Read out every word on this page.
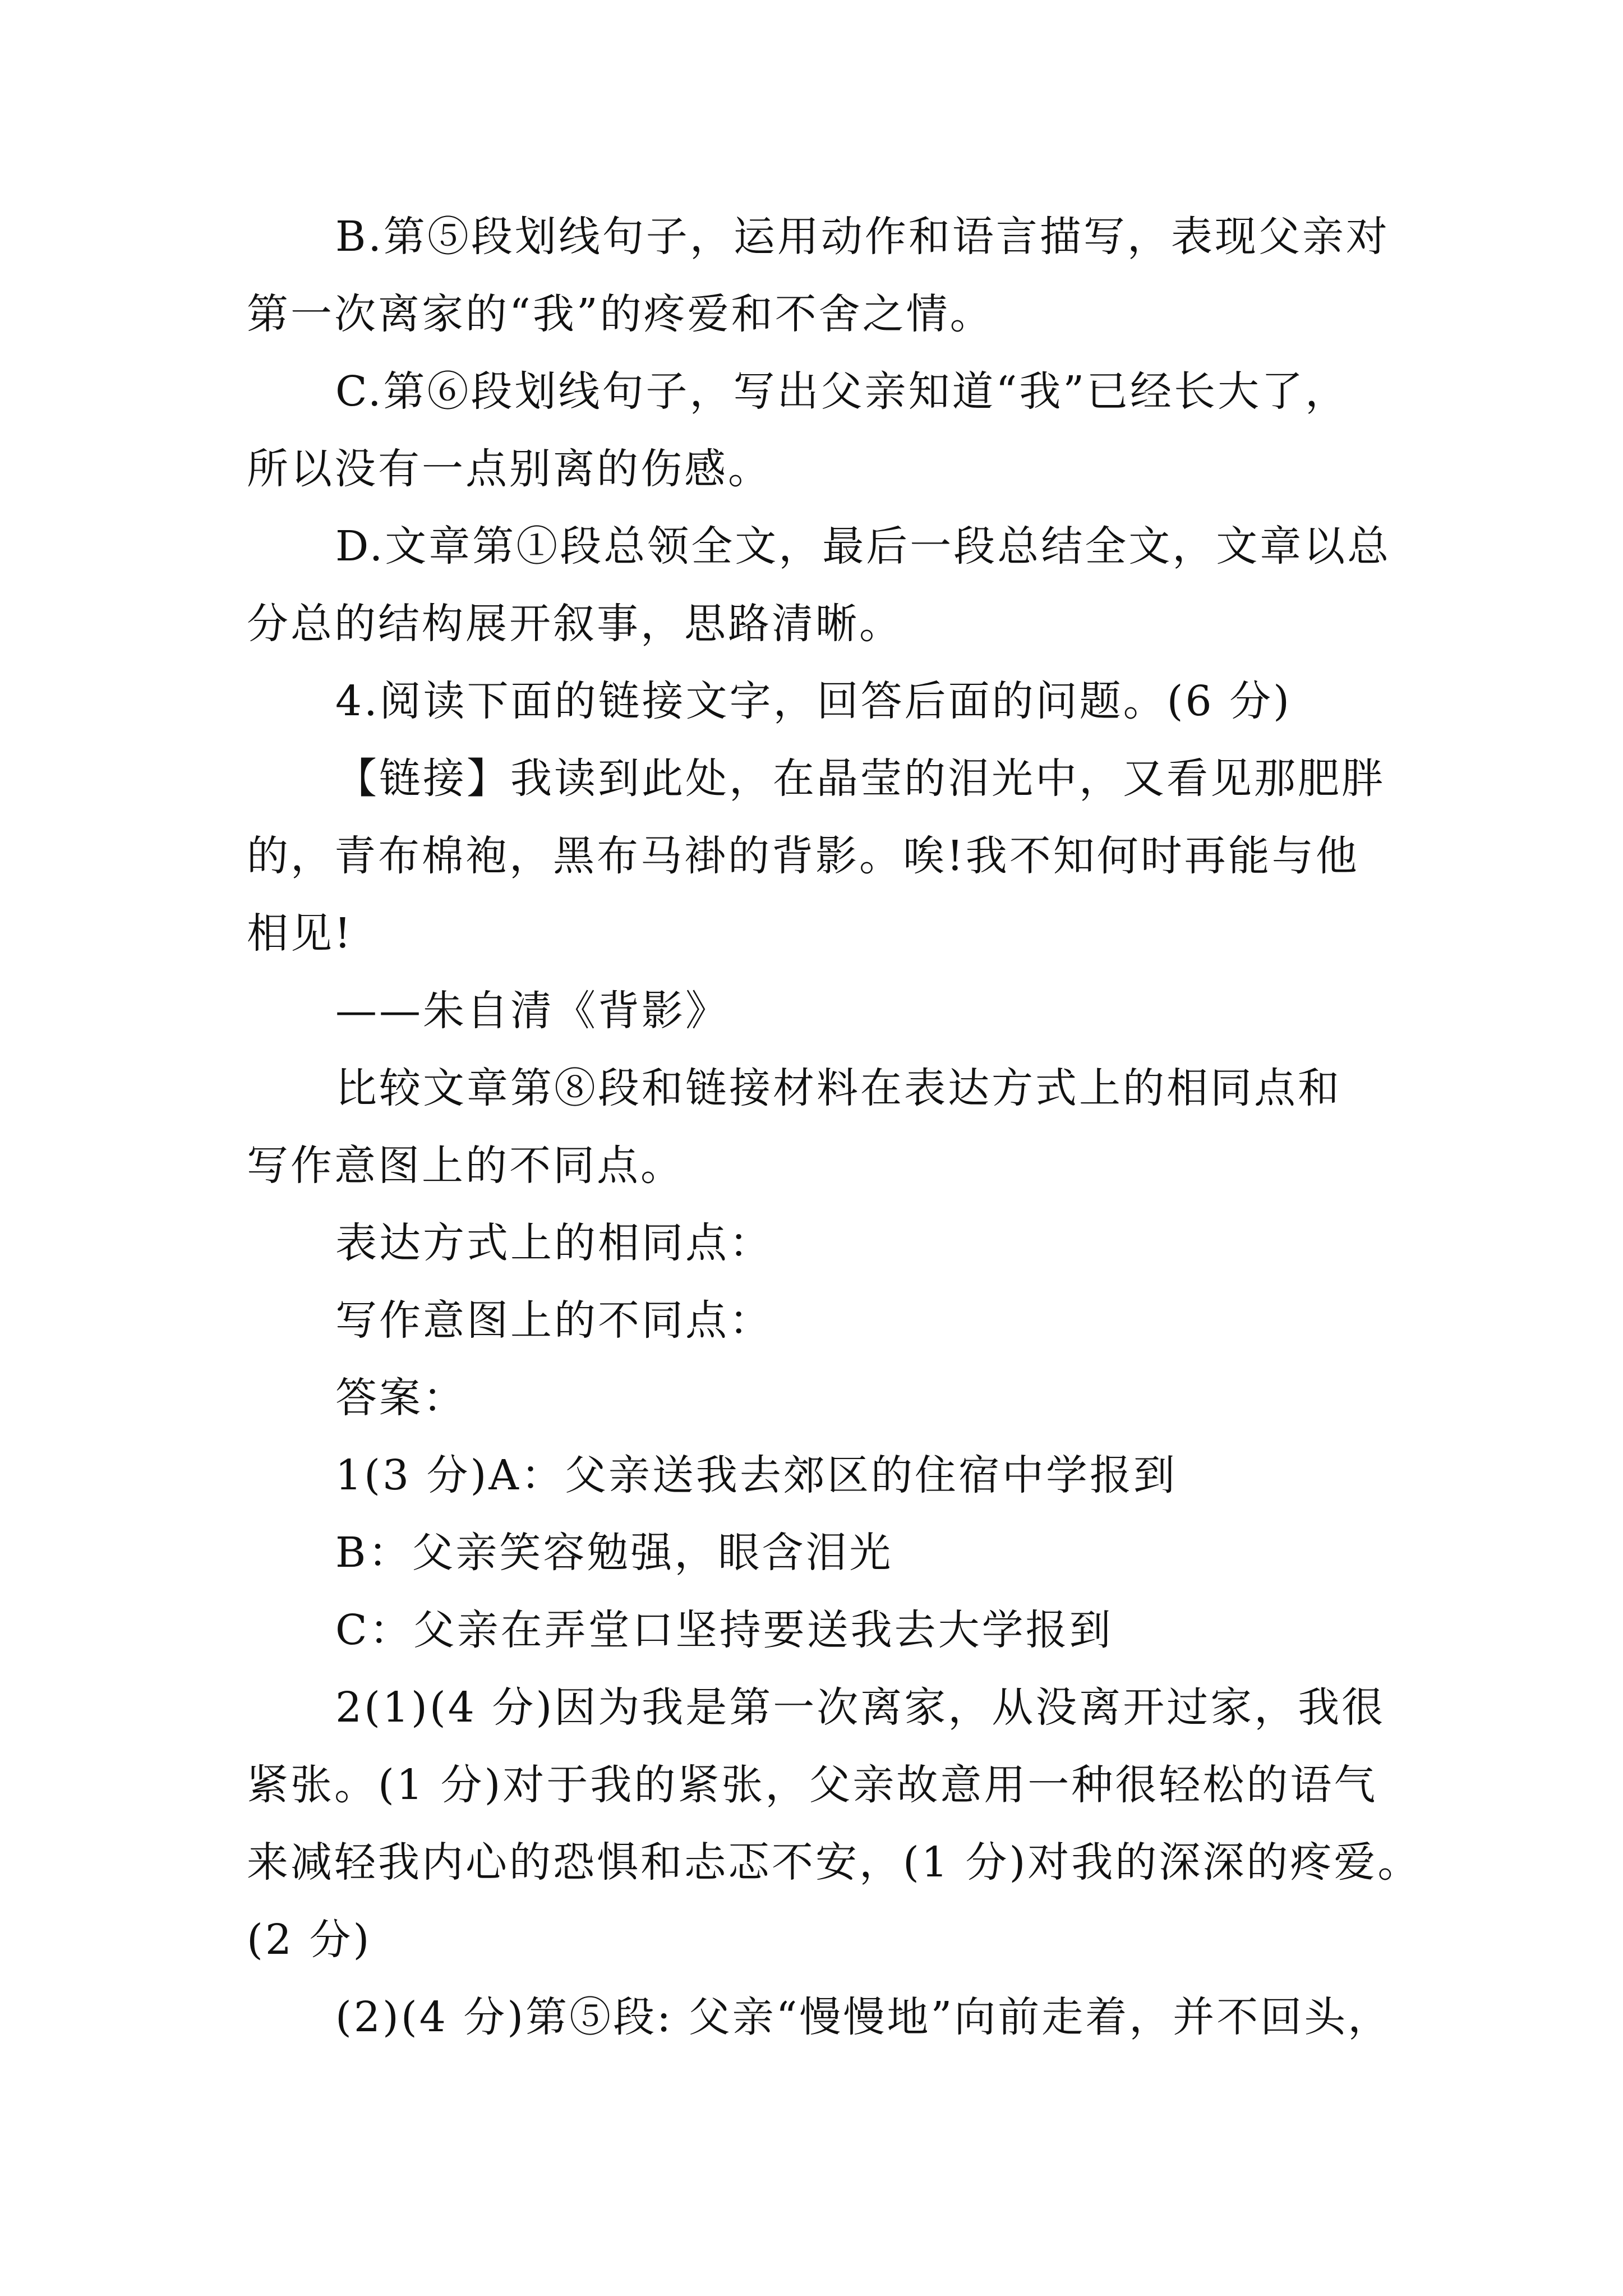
B.第⑤段划线句子，运用动作和语言描写，表现父亲对
第一次离家的“我”的疼爱和不舍之情。
C.第⑥段划线句子，写出父亲知道“我”已经长大了，
所以没有一点别离的伤感。
D.文章第①段总领全文，最后一段总结全文，文章以总
分总的结构展开叙事，思路清晰。
4.阅读下面的链接文字，回答后面的问题。(6 分)
【链接】我读到此处，在晶莹的泪光中，又看见那肥胖
的，青布棉袍，黑布马褂的背影。唉!我不知何时再能与他
相见!
——朱自清《背影》
比较文章第⑧段和链接材料在表达方式上的相同点和
写作意图上的不同点。
表达方式上的相同点：
写作意图上的不同点：
答案：
1(3 分)A：父亲送我去郊区的住宿中学报到
B：父亲笑容勉强，眼含泪光
C：父亲在弄堂口坚持要送我去大学报到
2(1)(4 分)因为我是第一次离家，从没离开过家，我很
紧张。(1 分)对于我的紧张，父亲故意用一种很轻松的语气
来减轻我内心的恐惧和忐忑不安，(1 分)对我的深深的疼爱。
(2 分)
(2)(4 分)第⑤段: 父亲“慢慢地”向前走着，并不回头，
